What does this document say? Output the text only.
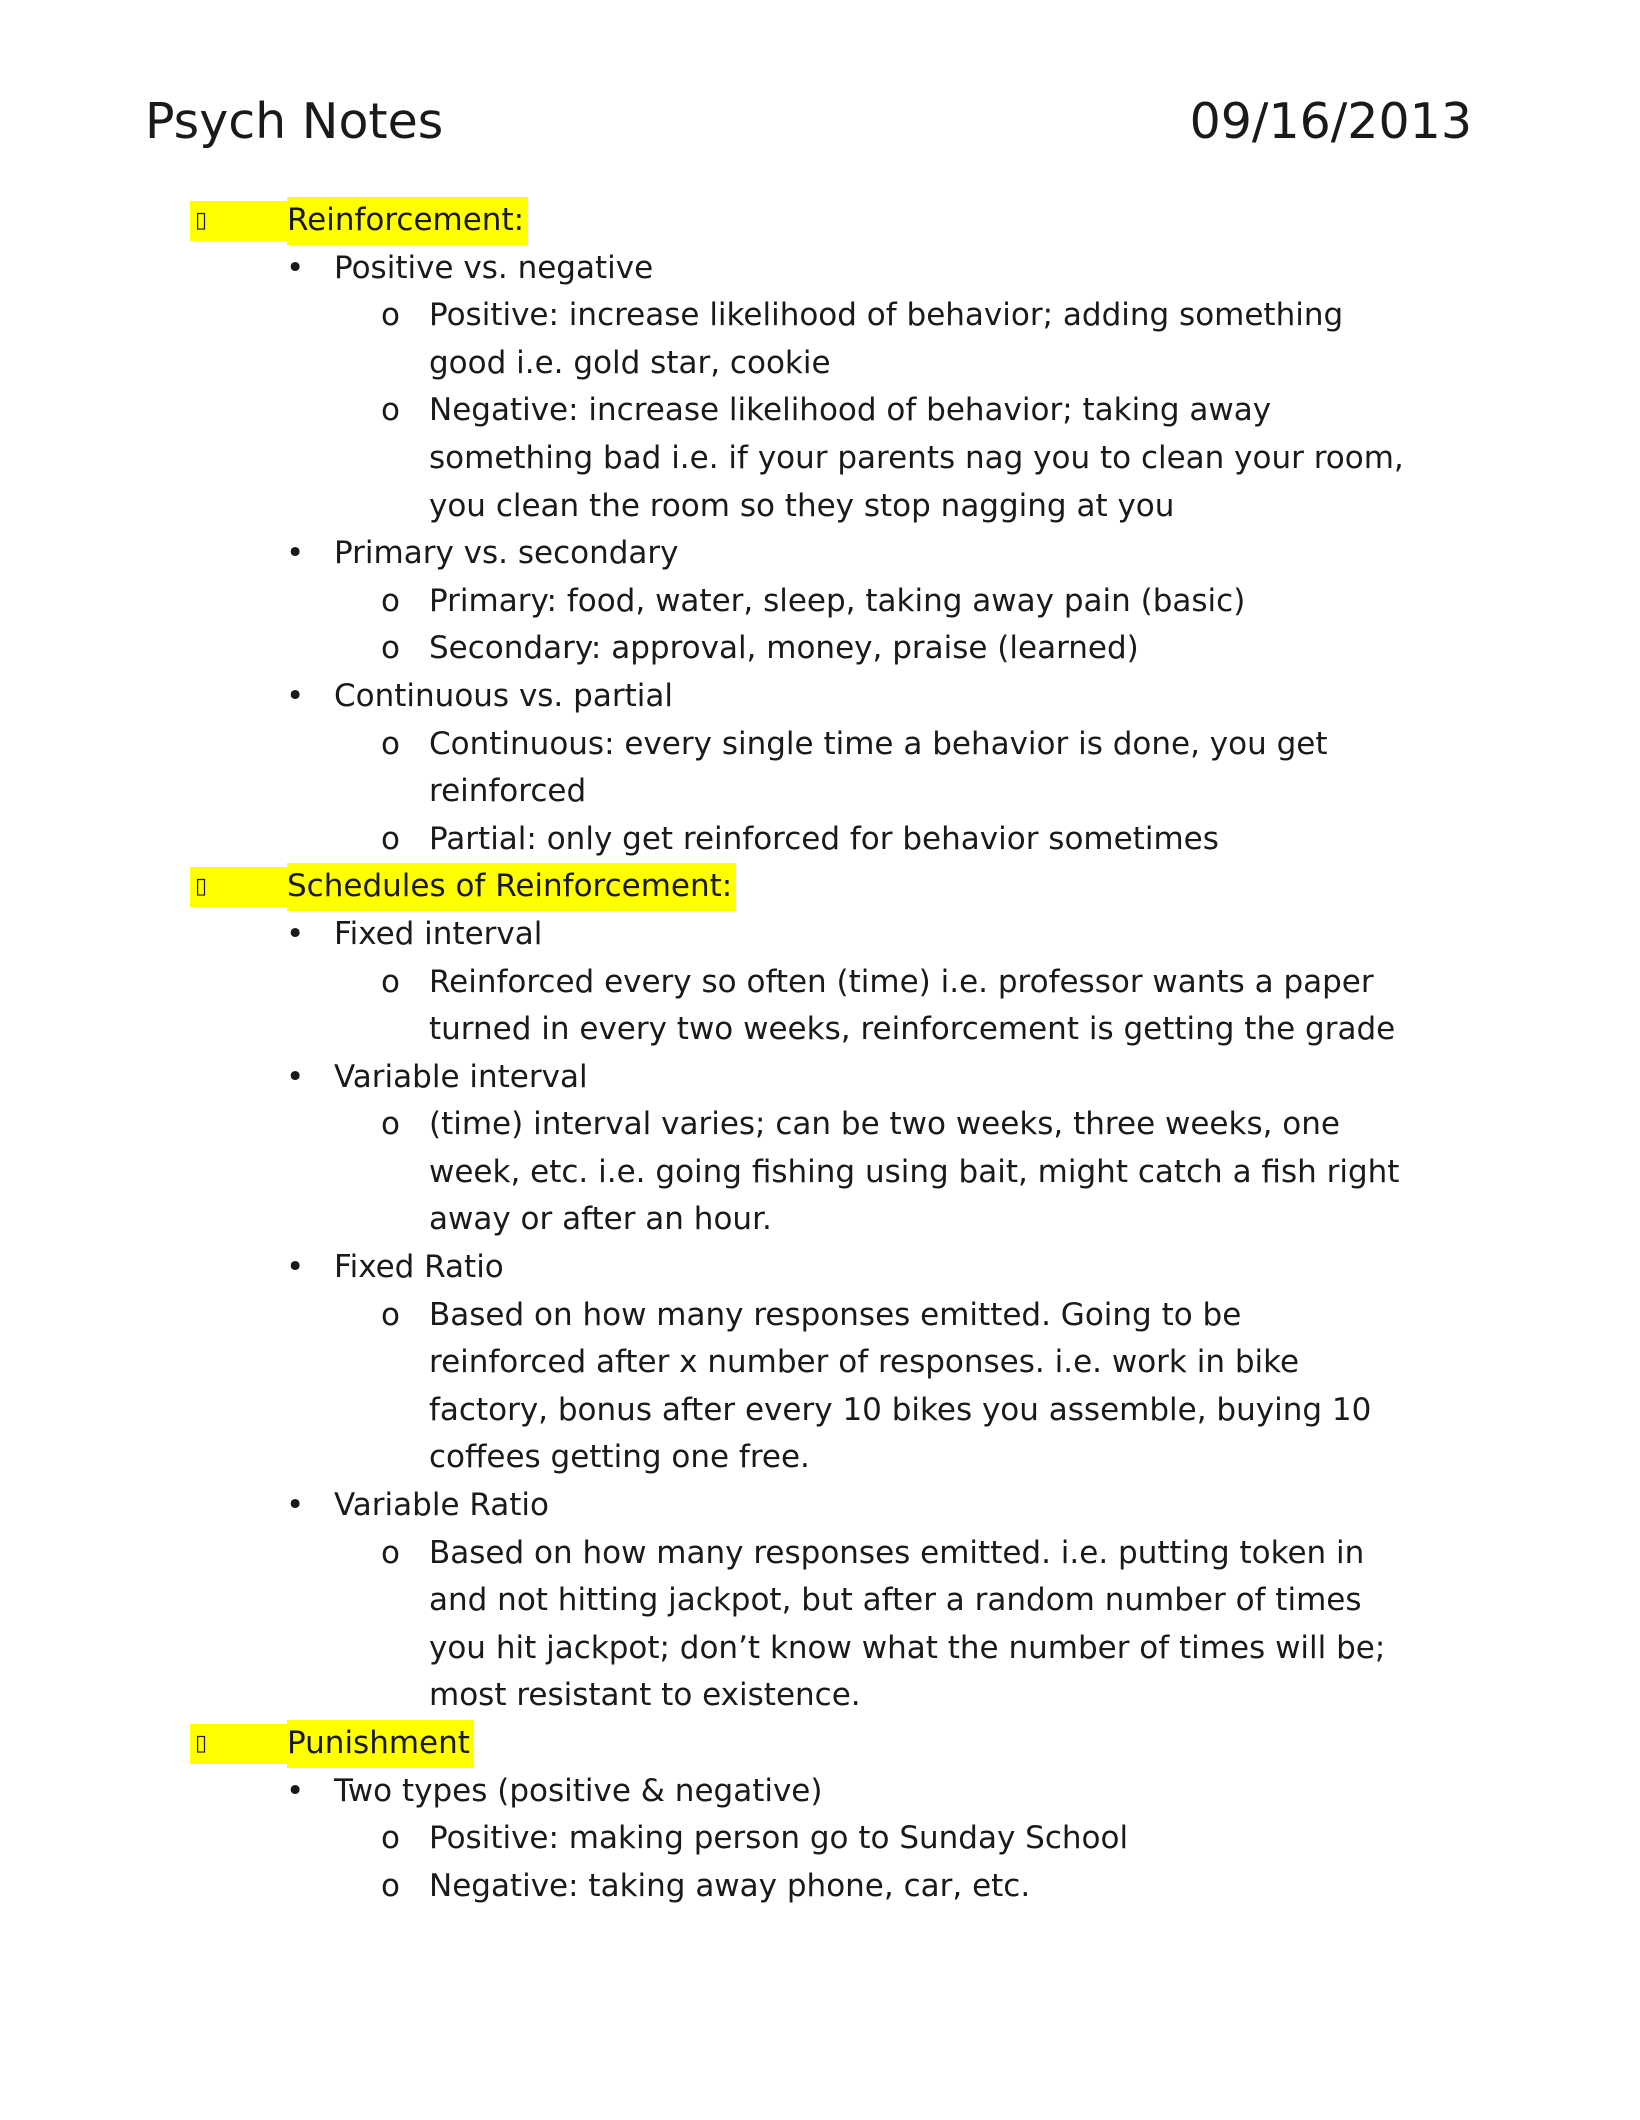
Psych Notes	09/16/2013
▯	Reinforcement:
• Positive vs. negative
o Positive: increase likelihood of behavior; adding something
good i.e. gold star, cookie
o Negative: increase likelihood of behavior; taking away
something bad i.e. if your parents nag you to clean your room,
you clean the room so they stop nagging at you
• Primary vs. secondary
o Primary: food, water, sleep, taking away pain (basic)
o Secondary: approval, money, praise (learned)
• Continuous vs. partial
o Continuous: every single time a behavior is done, you get
reinforced
o Partial: only get reinforced for behavior sometimes
▯	Schedules of Reinforcement:
• Fixed interval
o Reinforced every so often (time) i.e. professor wants a paper
turned in every two weeks, reinforcement is getting the grade
• Variable interval
o (time) interval varies; can be two weeks, three weeks, one
week, etc. i.e. going fishing using bait, might catch a fish right
away or after an hour.
• Fixed Ratio
o Based on how many responses emitted. Going to be
reinforced after x number of responses. i.e. work in bike
factory, bonus after every 10 bikes you assemble, buying 10
coffees getting one free.
• Variable Ratio
o Based on how many responses emitted. i.e. putting token in
and not hitting jackpot, but after a random number of times
you hit jackpot; don’t know what the number of times will be;
most resistant to existence.
▯	Punishment
• Two types (positive & negative)
o Positive: making person go to Sunday School
o Negative: taking away phone, car, etc.
